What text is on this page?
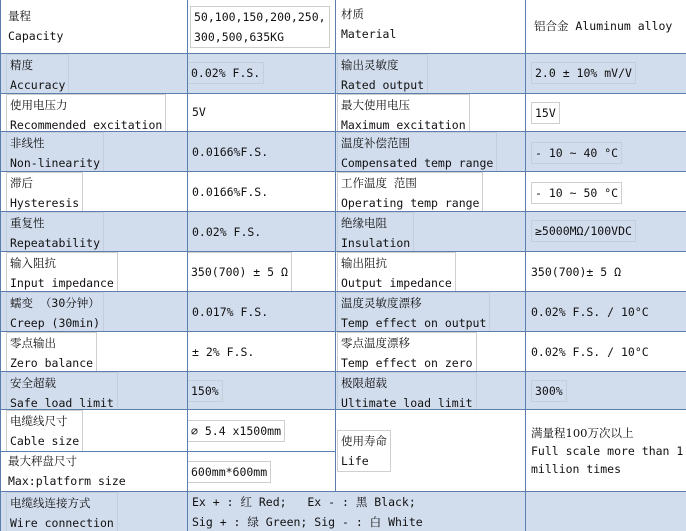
量程
Capacity
50,100,150,200,250,
300,500,635KG
材质
Material
铝合金 Aluminum alloy
精度
Accuracy
0.02% F.S.
输出灵敏度
Rated output
2.0 ± 10% mV/V
使用电压力
Recommended excitation
5V	最大使用电压
Maximum excitation
15V
非线性
Non-linearity
0.0166%F.S.
温度补偿范围
Compensated temp range
- 10 ~ 40 °C
滞后
Hysteresis
0.0166%F.S.
工作温度 范围
Operating temp range
- 10 ~ 50 °C
重复性
Repeatability
0.02% F.S.
绝缘电阻
Insulation
≥5000MΩ/100VDC
输入阻抗
Input impedance
350(700) ± 5 Ω
输出阻抗
Output impedance
350(700)± 5 Ω
蠕变 （30分钟）
Creep (30min)
0.017% F.S.
温度灵敏度漂移
Temp effect on output
0.02% F.S. / 10°C
零点输出
Zero balance
± 2% F.S.
零点温度漂移
Temp effect on zero
0.02% F.S. / 10°C
安全超载
Safe load limit
150%
极限超载
Ultimate load limit
300%
电缆线尺寸
Cable size
最大秤盘尺寸
Max:platform size
⌀ 5.4 x1500mm
600mm*600mm
使用寿命
Life
满量程100万次以上
Full scale more than 1
million times
电缆线连接方式
Wire connection
Ex + : 红 Red;   Ex - : 黑 Black;
Sig + : 绿 Green; Sig - : 白 White
